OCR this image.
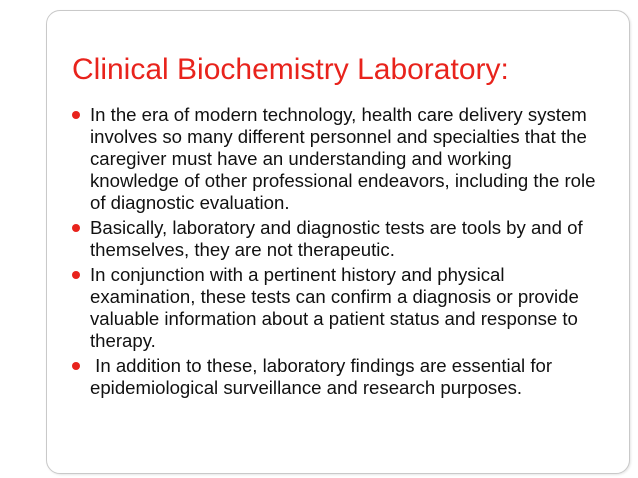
Clinical Biochemistry Laboratory:
In the era of modern technology, health care delivery system involves so many different personnel and specialties that the caregiver must have an understanding and working knowledge of other professional endeavors, including the role of diagnostic evaluation.
Basically, laboratory and diagnostic tests are tools by and of themselves, they are not therapeutic.
In conjunction with a pertinent history and physical examination, these tests can confirm a diagnosis or provide valuable information about a patient status and response to therapy.
In addition to these, laboratory findings are essential for epidemiological surveillance and research purposes.
